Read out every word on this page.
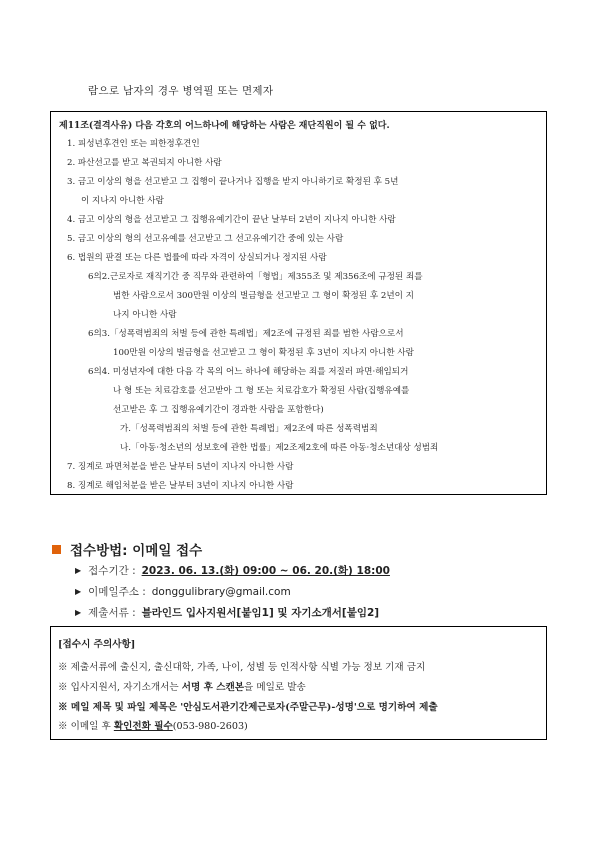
람으로 남자의 경우 병역필 또는 면제자
제11조(결격사유) 다음 각호의 어느하나에 해당하는 사람은 재단직원이 될 수 없다.
1. 피성년후견인 또는 피한정후견인
2. 파산선고를 받고 복권되지 아니한 사람
3. 금고 이상의 형을 선고받고 그 집행이 끝나거나 집행을 받지 아니하기로 확정된 후 5년
이 지나지 아니한 사람
4. 금고 이상의 형을 선고받고 그 집행유예기간이 끝난 날부터 2년이 지나지 아니한 사람
5. 금고 이상의 형의 선고유예를 선고받고 그 선고유예기간 중에 있는 사람
6. 법원의 판결 또는 다른 법률에 따라 자격이 상실되거나 정지된 사람
6의2.근로자로 재직기간 중 직무와 관련하여「형법」제355조 및 제356조에 규정된 죄를
범한 사람으로서 300만원 이상의 벌금형을 선고받고 그 형이 확정된 후 2년이 지
나지 아니한 사람
6의3.「성폭력범죄의 처벌 등에 관한 특례법」제2조에 규정된 죄를 범한 사람으로서
100만원 이상의 벌금형을 선고받고 그 형이 확정된 후 3년이 지나지 아니한 사람
6의4. 미성년자에 대한 다음 각 목의 어느 하나에 해당하는 죄를 저질러 파면·해임되거
나 형 또는 치료감호를 선고받아 그 형 또는 치료감호가 확정된 사람(집행유예를
선고받은 후 그 집행유예기간이 경과한 사람을 포함한다)
가.「성폭력범죄의 처벌 등에 관한 특례법」제2조에 따른 성폭력범죄
나.「아동·청소년의 성보호에 관한 법률」제2조제2호에 따른 아동·청소년대상 성범죄
7. 징계로 파면처분을 받은 날부터 5년이 지나지 아니한 사람
8. 징계로 해임처분을 받은 날부터 3년이 지나지 아니한 사람
접수방법: 이메일 접수
▶ 접수기간 : 2023. 06. 13.(화) 09:00 ~ 06. 20.(화) 18:00
▶ 이메일주소 : donggulibrary@gmail.com
▶ 제출서류 : 블라인드 입사지원서[붙임1] 및 자기소개서[붙임2]
[접수시 주의사항]
※ 제출서류에 출신지, 출신대학, 가족, 나이, 성별 등 인적사항 식별 가능 정보 기재 금지
※ 입사지원서, 자기소개서는 서명 후 스캔본을 메일로 발송
※ 메일 제목 및 파일 제목은 '안심도서관기간제근로자(주말근무)-성명'으로 명기하여 제출
※ 이메일 후 확인전화 필수(053-980-2603)
